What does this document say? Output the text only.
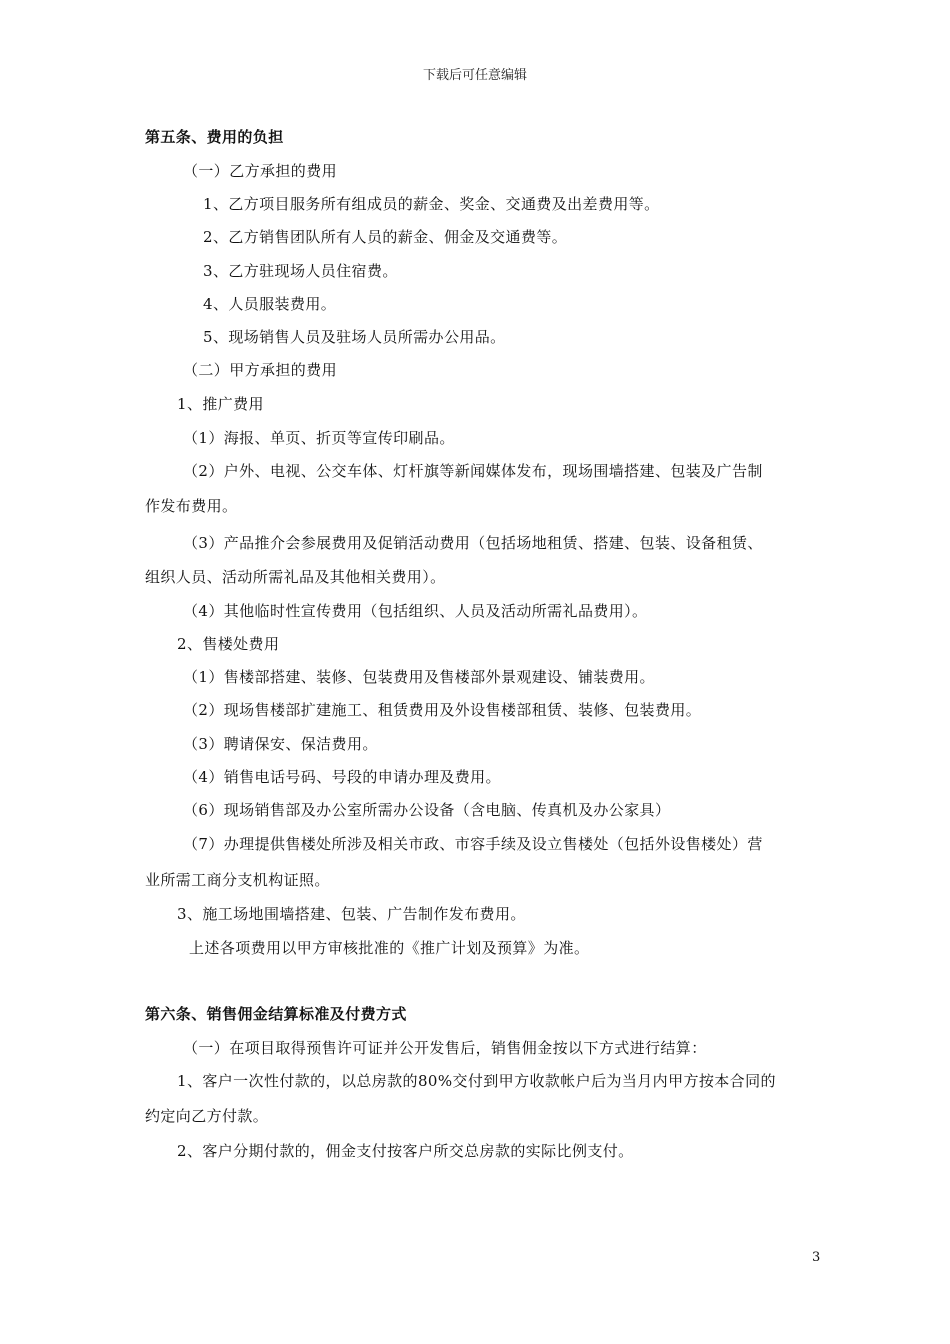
下载后可任意编辑
第五条、费用的负担
（一）乙方承担的费用
1、乙方项目服务所有组成员的薪金、奖金、交通费及出差费用等。
2、乙方销售团队所有人员的薪金、佣金及交通费等。
3、乙方驻现场人员住宿费。
4、人员服装费用。
5、现场销售人员及驻场人员所需办公用品。
（二）甲方承担的费用
1、推广费用
（1）海报、单页、折页等宣传印刷品。
（2）户外、电视、公交车体、灯杆旗等新闻媒体发布，现场围墙搭建、包装及广告制
作发布费用。
（3）产品推介会参展费用及促销活动费用（包括场地租赁、搭建、包装、设备租赁、
组织人员、活动所需礼品及其他相关费用）。
（4）其他临时性宣传费用（包括组织、人员及活动所需礼品费用）。
2、售楼处费用
（1）售楼部搭建、装修、包装费用及售楼部外景观建设、铺装费用。
（2）现场售楼部扩建施工、租赁费用及外设售楼部租赁、装修、包装费用。
（3）聘请保安、保洁费用。
（4）销售电话号码、号段的申请办理及费用。
（6）现场销售部及办公室所需办公设备（含电脑、传真机及办公家具）
（7）办理提供售楼处所涉及相关市政、市容手续及设立售楼处（包括外设售楼处）营
业所需工商分支机构证照。
3、施工场地围墙搭建、包装、广告制作发布费用。
上述各项费用以甲方审核批准的《推广计划及预算》为准。
第六条、销售佣金结算标准及付费方式
（一）在项目取得预售许可证并公开发售后，销售佣金按以下方式进行结算：
1、客户一次性付款的，以总房款的80%交付到甲方收款帐户后为当月内甲方按本合同的
约定向乙方付款。
2、客户分期付款的，佣金支付按客户所交总房款的实际比例支付。
3
